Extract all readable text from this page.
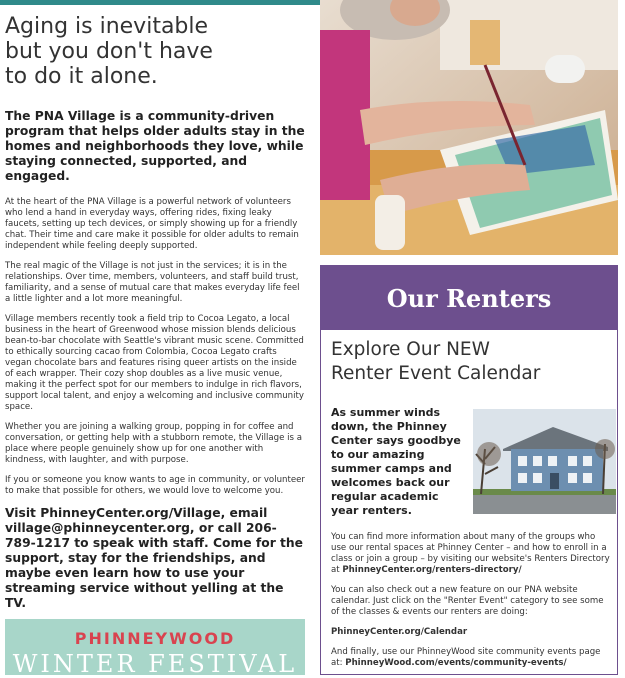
Aging is inevitable
but you don't have
to do it alone.

The PNA Village is a community-driven program that helps older adults stay in the homes and neighborhoods they love, while staying connected, supported, and engaged.

At the heart of the PNA Village is a powerful network of volunteers who lend a hand in everyday ways, offering rides, fixing leaky faucets, setting up tech devices, or simply showing up for a friendly chat. Their time and care make it possible for older adults to remain independent while feeling deeply supported.

The real magic of the Village is not just in the services; it is in the relationships. Over time, members, volunteers, and staff build trust, familiarity, and a sense of mutual care that makes everyday life feel a little lighter and a lot more meaningful.

Village members recently took a field trip to Cocoa Legato, a local business in the heart of Greenwood whose mission blends delicious bean-to-bar chocolate with Seattle's vibrant music scene. Committed to ethically sourcing cacao from Colombia, Cocoa Legato crafts vegan chocolate bars and features rising queer artists on the inside of each wrapper. Their cozy shop doubles as a live music venue, making it the perfect spot for our members to indulge in rich flavors, support local talent, and enjoy a welcoming and inclusive community space.

Whether you are joining a walking group, popping in for coffee and conversation, or getting help with a stubborn remote, the Village is a place where people genuinely show up for one another with kindness, with laughter, and with purpose.

If you or someone you know wants to age in community, or volunteer to make that possible for others, we would love to welcome you.

Visit PhinneyCenter.org/Village, email village@phinneycenter.org, or call 206-789-1217 to speak with staff. Come for the support, stay for the friendships, and maybe even learn how to use your streaming service without yelling at the TV.

PHINNEYWOOD
WINTER FESTIVAL
Our Renters
Explore Our NEW
Renter Event Calendar
As summer winds down, the Phinney Center says goodbye to our amazing summer camps and welcomes back our regular academic year renters.

You can find more information about many of the groups who use our rental spaces at Phinney Center – and how to enroll in a class or join a group – by visiting our website's Renters Directory at PhinneyCenter.org/renters-directory/

You can also check out a new feature on our PNA website calendar. Just click on the "Renter Event" category to see some of the classes & events our renters are doing:

PhinneyCenter.org/Calendar

And finally, use our PhinneyWood site community events page at: PhinneyWood.com/events/community-events/
